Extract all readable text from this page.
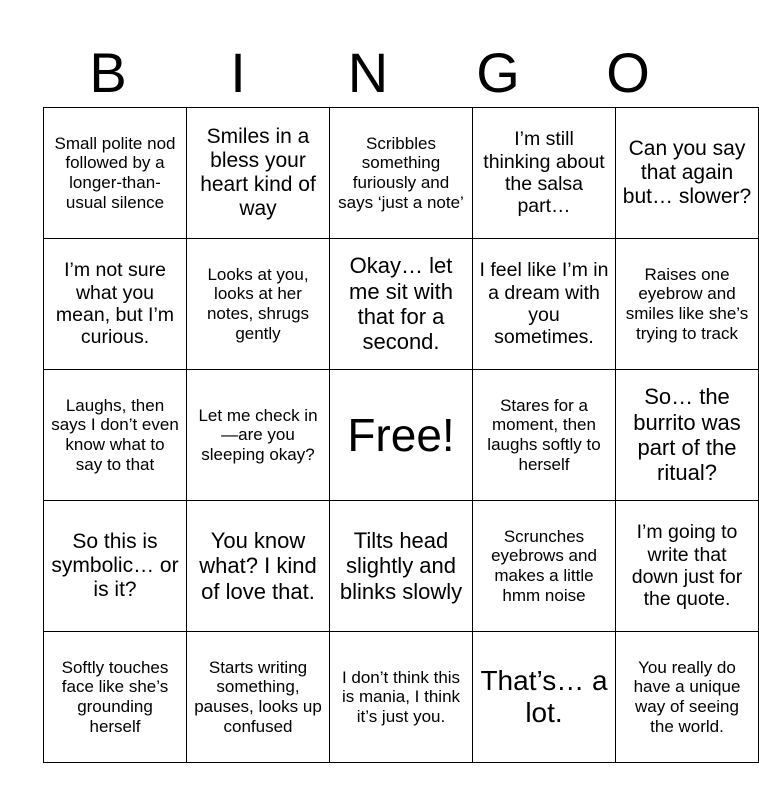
B	I	N	G	O
Small polite nod followed by a longer-than-usual silence	Smiles in a bless your heart kind of way	Scribbles something furiously and says ‘just a note’	I’m still thinking about the salsa part…	Can you say that again but… slower?
I’m not sure what you mean, but I’m curious.	Looks at you, looks at her notes, shrugs gently	Okay… let me sit with that for a second.	I feel like I’m in a dream with you sometimes.	Raises one eyebrow and smiles like she’s trying to track
Laughs, then says I don’t even know what to say to that	Let me check in—are you sleeping okay?	Free!	Stares for a moment, then laughs softly to herself	So… the burrito was part of the ritual?
So this is symbolic… or is it?	You know what? I kind of love that.	Tilts head slightly and blinks slowly	Scrunches eyebrows and makes a little hmm noise	I’m going to write that down just for the quote.
Softly touches face like she’s grounding herself	Starts writing something, pauses, looks up confused	I don’t think this is mania, I think it’s just you.	That’s… a lot.	You really do have a unique way of seeing the world.
